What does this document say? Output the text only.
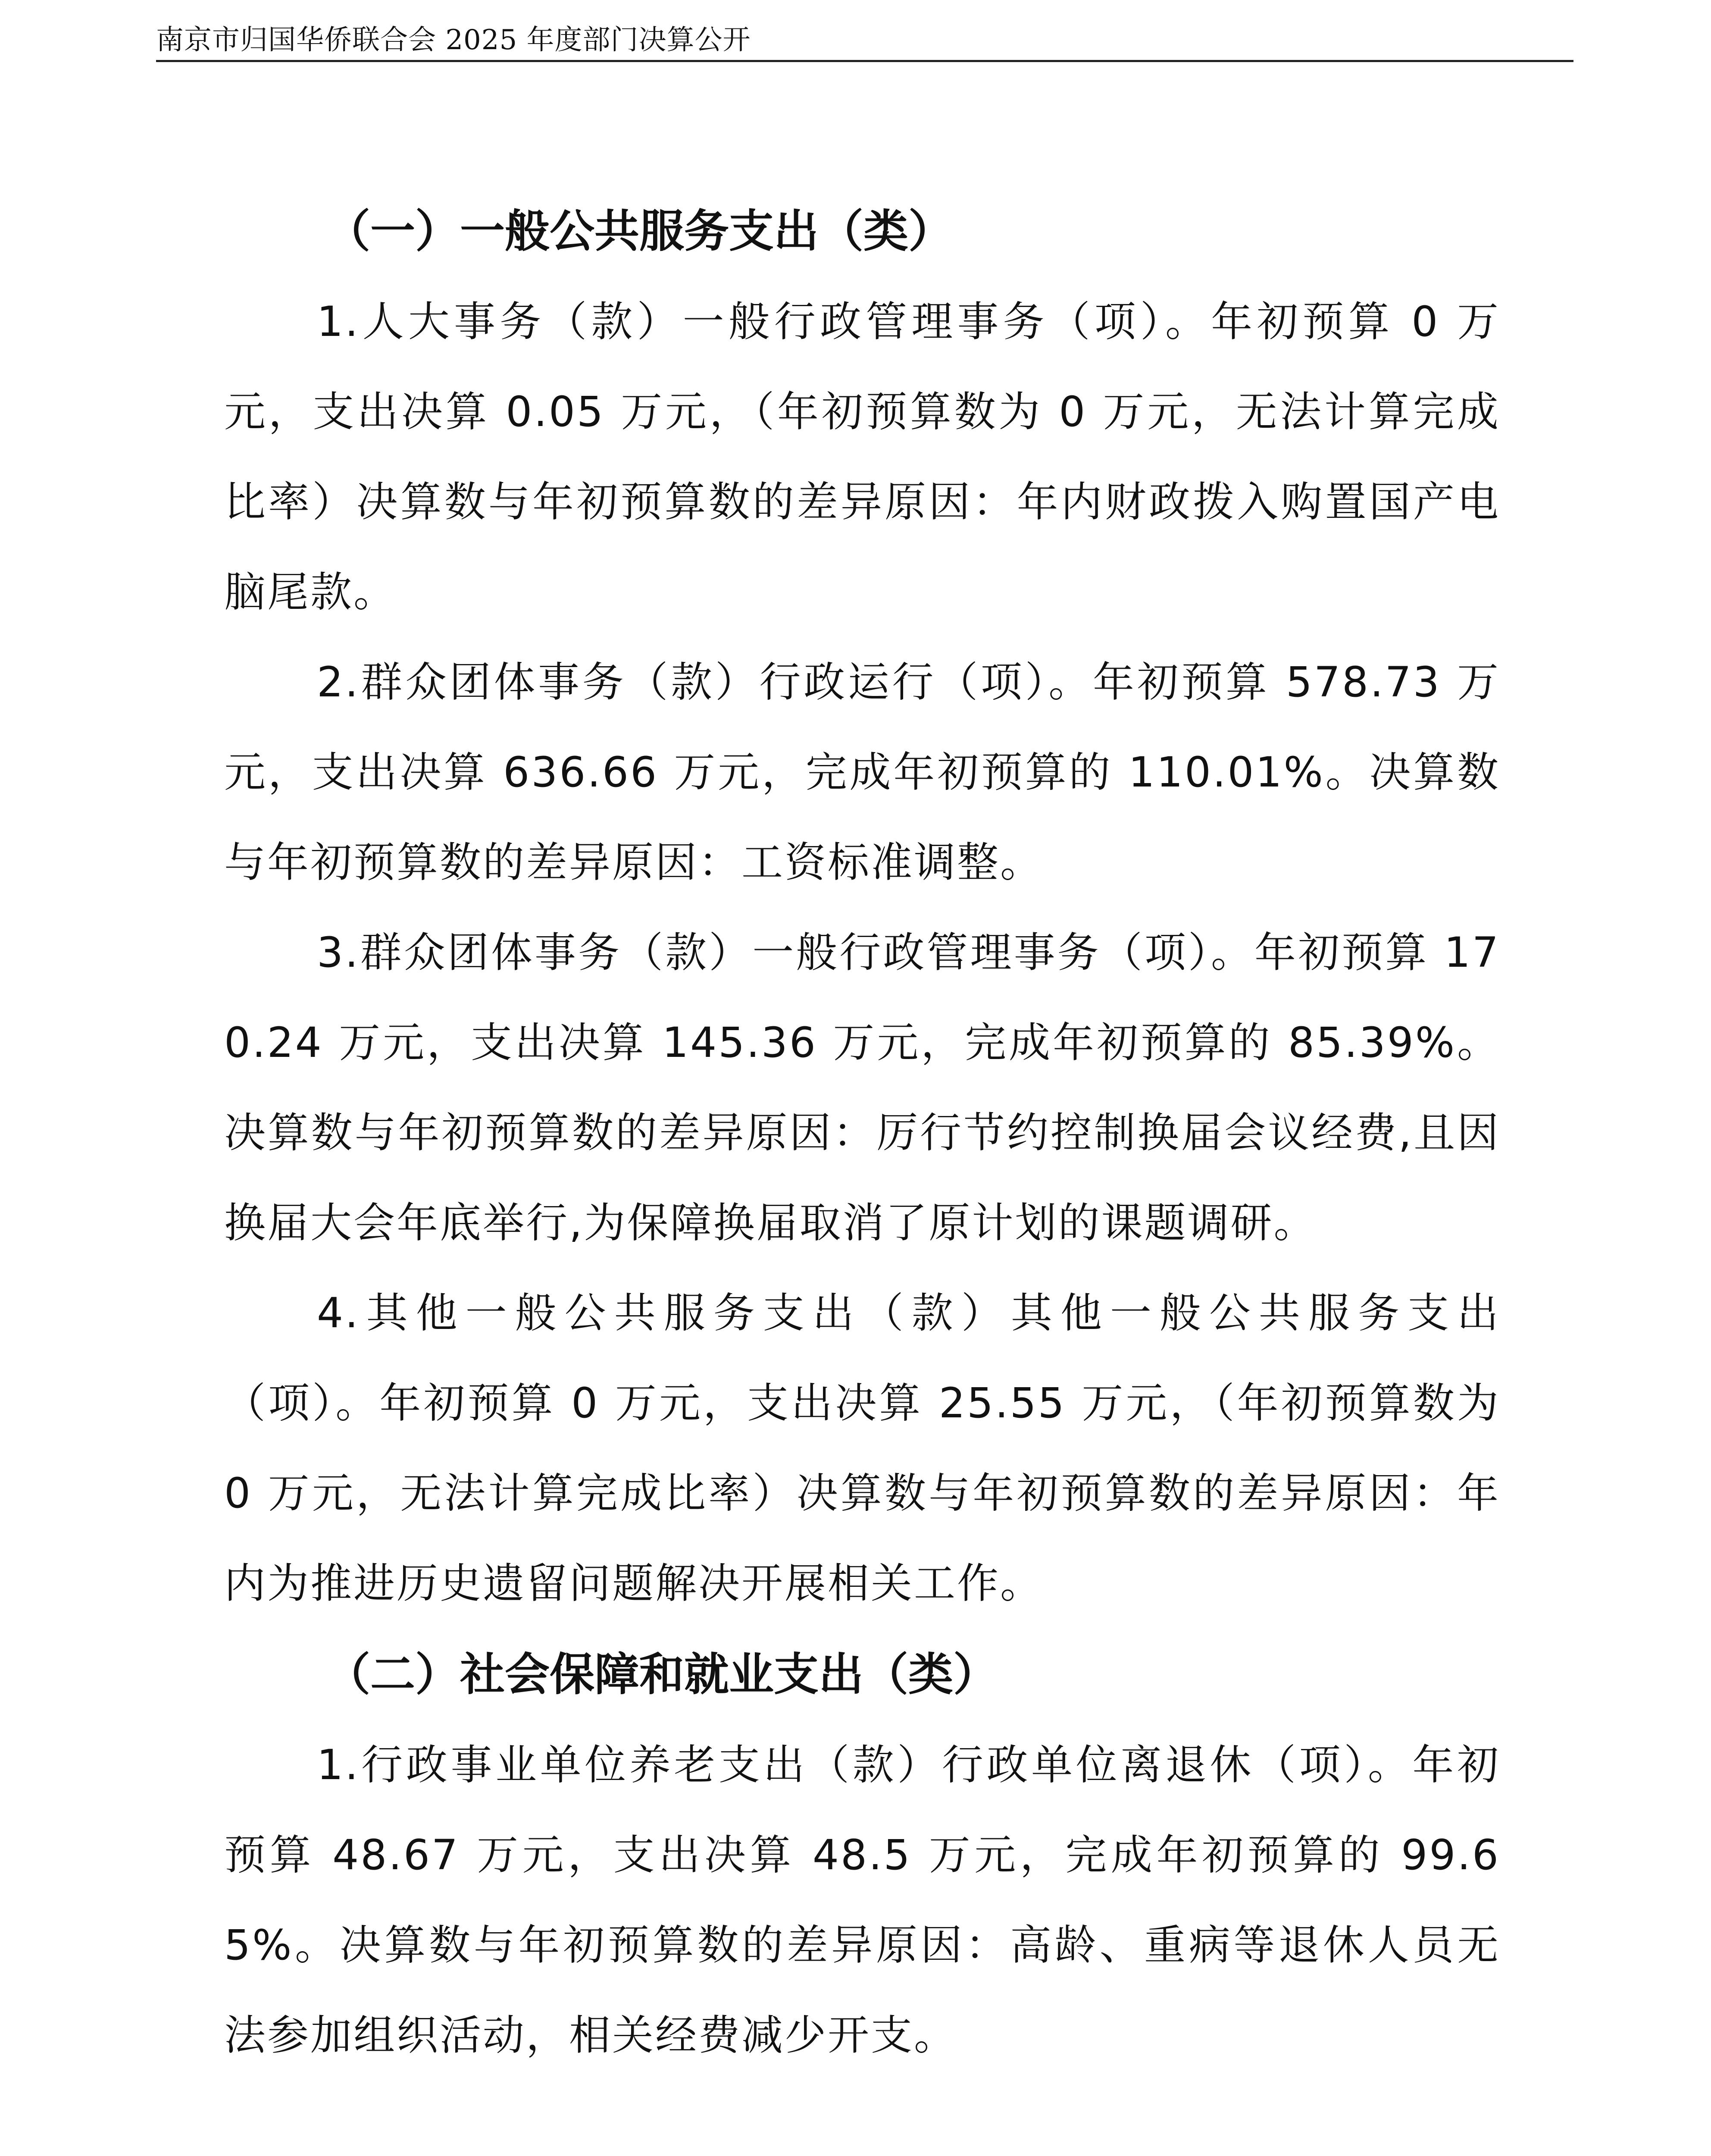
南京市归国华侨联合会 2025 年度部门决算公开
（一）一般公共服务支出（类）

1.人大事务（款）一般行政管理事务（项）。年初预算 0 万元，支出决算 0.05 万元，（年初预算数为 0 万元，无法计算完成比率）决算数与年初预算数的差异原因：年内财政拨入购置国产电脑尾款。

2.群众团体事务（款）行政运行（项）。年初预算 578.73 万元，支出决算 636.66 万元，完成年初预算的 110.01%。决算数与年初预算数的差异原因：工资标准调整。

3.群众团体事务（款）一般行政管理事务（项）。年初预算 170.24 万元，支出决算 145.36 万元，完成年初预算的 85.39%。决算数与年初预算数的差异原因：厉行节约控制换届会议经费,且因换届大会年底举行,为保障换届取消了原计划的课题调研。

4.其他一般公共服务支出（款）其他一般公共服务支出（项）。年初预算 0 万元，支出决算 25.55 万元，（年初预算数为 0 万元，无法计算完成比率）决算数与年初预算数的差异原因：年内为推进历史遗留问题解决开展相关工作。

（二）社会保障和就业支出（类）

1.行政事业单位养老支出（款）行政单位离退休（项）。年初预算 48.67 万元，支出决算 48.5 万元，完成年初预算的 99.65%。决算数与年初预算数的差异原因：高龄、重病等退休人员无法参加组织活动，相关经费减少开支。
